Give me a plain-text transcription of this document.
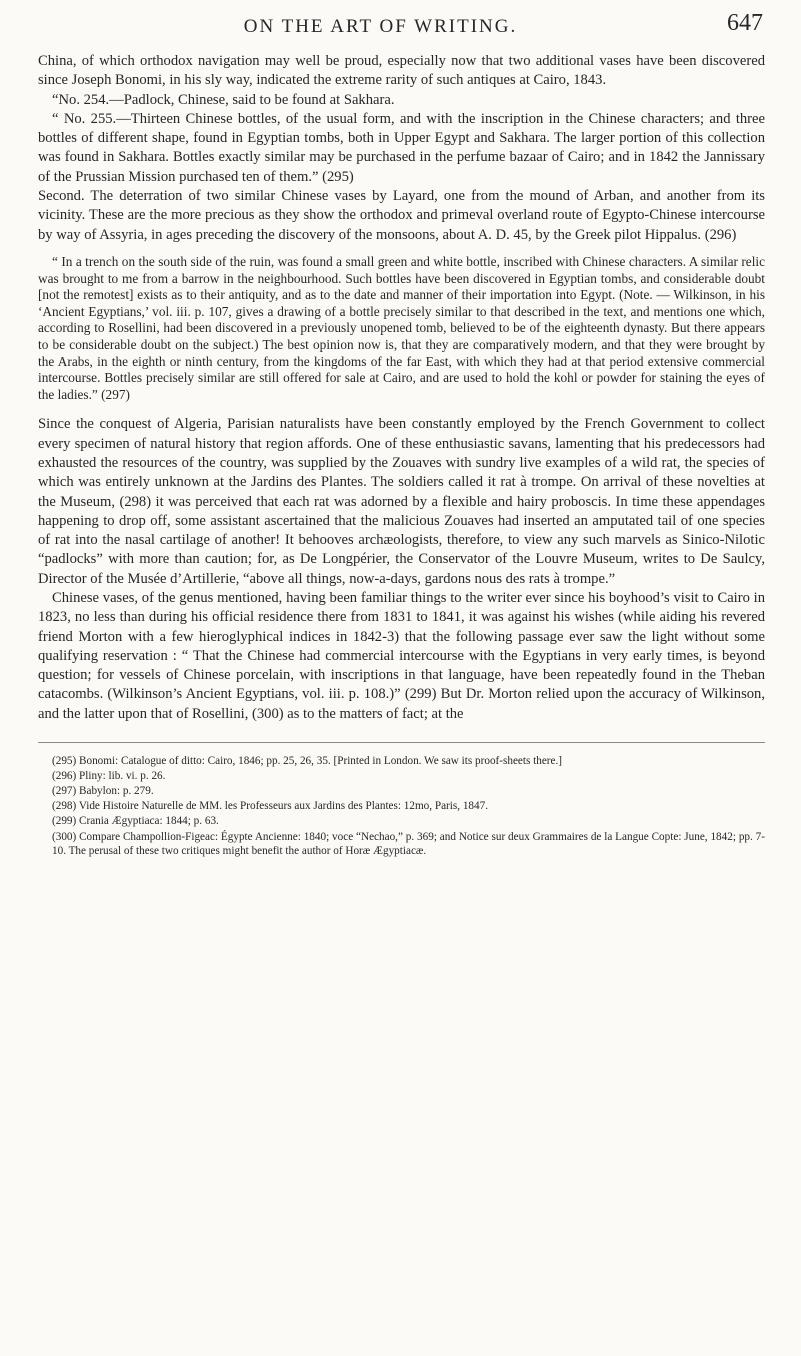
ON THE ART OF WRITING.	647

China, of which orthodox navigation may well be proud, especially now that two additional vases have been discovered since Joseph Bonomi, in his sly way, indicated the extreme rarity of such antiques at Cairo, 1843.

“No. 254.—Padlock, Chinese, said to be found at Sakhara.

“ No. 255.—Thirteen Chinese bottles, of the usual form, and with the inscription in the Chinese characters; and three bottles of different shape, found in Egyptian tombs, both in Upper Egypt and Sakhara. The larger portion of this collection was found in Sakhara. Bottles exactly similar may be purchased in the perfume bazaar of Cairo; and in 1842 the Jannissary of the Prussian Mission purchased ten of them.” (295)

Second. The deterration of two similar Chinese vases by Layard, one from the mound of Arban, and another from its vicinity. These are the more precious as they show the orthodox and primeval overland route of Egypto-Chinese intercourse by way of Assyria, in ages preceding the discovery of the monsoons, about A. D. 45, by the Greek pilot Hippalus. (296)

“ In a trench on the south side of the ruin, was found a small green and white bottle, inscribed with Chinese characters. A similar relic was brought to me from a barrow in the neighbourhood. Such bottles have been discovered in Egyptian tombs, and considerable doubt [not the remotest] exists as to their antiquity, and as to the date and manner of their importation into Egypt. (Note. — Wilkinson, in his ‘Ancient Egyptians,’ vol. iii. p. 107, gives a drawing of a bottle precisely similar to that described in the text, and mentions one which, according to Rosellini, had been discovered in a previously unopened tomb, believed to be of the eighteenth dynasty. But there appears to be considerable doubt on the subject.) The best opinion now is, that they are comparatively modern, and that they were brought by the Arabs, in the eighth or ninth century, from the kingdoms of the far East, with which they had at that period extensive commercial intercourse. Bottles precisely similar are still offered for sale at Cairo, and are used to hold the kohl or powder for staining the eyes of the ladies.” (297)

Since the conquest of Algeria, Parisian naturalists have been constantly employed by the French Government to collect every specimen of natural history that region affords. One of these enthusiastic savans, lamenting that his predecessors had exhausted the resources of the country, was supplied by the Zouaves with sundry live examples of a wild rat, the species of which was entirely unknown at the Jardins des Plantes. The soldiers called it rat à trompe. On arrival of these novelties at the Museum, (298) it was perceived that each rat was adorned by a flexible and hairy proboscis. In time these appendages happening to drop off, some assistant ascertained that the malicious Zouaves had inserted an amputated tail of one species of rat into the nasal cartilage of another! It behooves archæologists, therefore, to view any such marvels as Sinico-Nilotic “padlocks” with more than caution; for, as De Longpérier, the Conservator of the Louvre Museum, writes to De Saulcy, Director of the Musée d’Artillerie, “above all things, now-a-days, gardons nous des rats à trompe.”

Chinese vases, of the genus mentioned, having been familiar things to the writer ever since his boyhood’s visit to Cairo in 1823, no less than during his official residence there from 1831 to 1841, it was against his wishes (while aiding his revered friend Morton with a few hieroglyphical indices in 1842-3) that the following passage ever saw the light without some qualifying reservation : “ That the Chinese had commercial intercourse with the Egyptians in very early times, is beyond question; for vessels of Chinese porcelain, with inscriptions in that language, have been repeatedly found in the Theban catacombs. (Wilkinson’s Ancient Egyptians, vol. iii. p. 108.)” (299) But Dr. Morton relied upon the accuracy of Wilkinson, and the latter upon that of Rosellini, (300) as to the matters of fact; at the

(295) Bonomi: Catalogue of ditto: Cairo, 1846; pp. 25, 26, 35. [Printed in London. We saw its proof-sheets there.]

(296) Pliny: lib. vi. p. 26.

(297) Babylon: p. 279.

(298) Vide Histoire Naturelle de MM. les Professeurs aux Jardins des Plantes: 12mo, Paris, 1847.

(299) Crania Ægyptiaca: 1844; p. 63.

(300) Compare Champollion-Figeac: Égypte Ancienne: 1840; voce “Nechao,” p. 369; and Notice sur deux Grammaires de la Langue Copte: June, 1842; pp. 7-10. The perusal of these two critiques might benefit the author of Horæ Ægyptiacæ.
